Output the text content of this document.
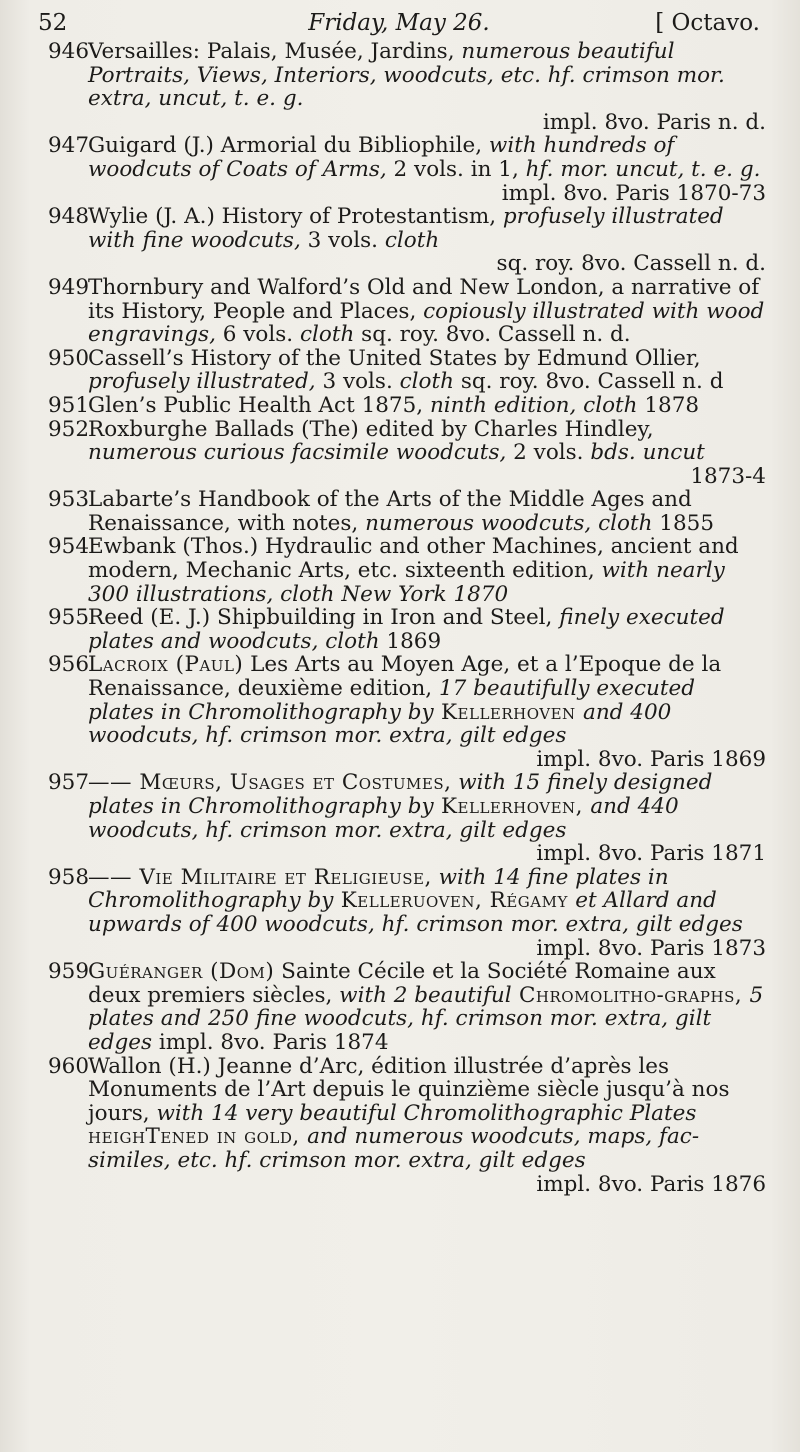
52	Friday, May 26.	[ Octavo.

946
Versailles: Palais, Musée, Jardins, numerous beautiful Portraits, Views, Interiors, woodcuts, etc. hf. crimson mor. extra, uncut, t. e. g.
impl. 8vo. Paris n. d.

947
Guigard (J.) Armorial du Bibliophile, with hundreds of woodcuts of Coats of Arms, 2 vols. in 1, hf. mor. uncut, t. e. g.
impl. 8vo. Paris 1870-73

948
Wylie (J. A.) History of Protestantism, profusely illustrated with fine woodcuts, 3 vols. cloth
sq. roy. 8vo. Cassell n. d.

949
Thornbury and Walford’s Old and New London, a narrative of its History, People and Places, copiously illustrated with wood engravings, 6 vols. cloth sq. roy. 8vo. Cassell n. d.

950
Cassell’s History of the United States by Edmund Ollier, profusely illustrated, 3 vols. cloth sq. roy. 8vo. Cassell n. d

951
Glen’s Public Health Act 1875, ninth edition, cloth 1878

952
Roxburghe Ballads (The) edited by Charles Hindley, numerous curious facsimile woodcuts, 2 vols. bds. uncut
1873-4

953
Labarte’s Handbook of the Arts of the Middle Ages and Renaissance, with notes, numerous woodcuts, cloth 1855

954
Ewbank (Thos.) Hydraulic and other Machines, ancient and modern, Mechanic Arts, etc. sixteenth edition, with nearly 300 illustrations, cloth New York 1870

955
Reed (E. J.) Shipbuilding in Iron and Steel, finely executed plates and woodcuts, cloth 1869

956
Lacroix (Paul) Les Arts au Moyen Age, et a l’Epoque de la Renaissance, deuxième edition, 17 beautifully executed plates in Chromolithography by Kellerhoven and 400 woodcuts, hf. crimson mor. extra, gilt edges
impl. 8vo. Paris 1869

957
—— Mœurs, Usages et Costumes, with 15 finely designed plates in Chromolithography by Kellerhoven, and 440 woodcuts, hf. crimson mor. extra, gilt edges
impl. 8vo. Paris 1871

958
—— Vie Militaire et Religieuse, with 14 fine plates in Chromolithography by Kelleruoven, Régamy et Allard and upwards of 400 woodcuts, hf. crimson mor. extra, gilt edges
impl. 8vo. Paris 1873

959
Guéranger (Dom) Sainte Cécile et la Société Romaine aux deux premiers siècles, with 2 beautiful Chromolitho-graphs, 5 plates and 250 fine woodcuts, hf. crimson mor. extra, gilt edges impl. 8vo. Paris 1874

960
Wallon (H.) Jeanne d’Arc, édition illustrée d’après les Monuments de l’Art depuis le quinzième siècle jusqu’à nos jours, with 14 very beautiful Chromolithographic Plates heighTened in gold, and numerous woodcuts, maps, fac-similes, etc. hf. crimson mor. extra, gilt edges
impl. 8vo. Paris 1876
